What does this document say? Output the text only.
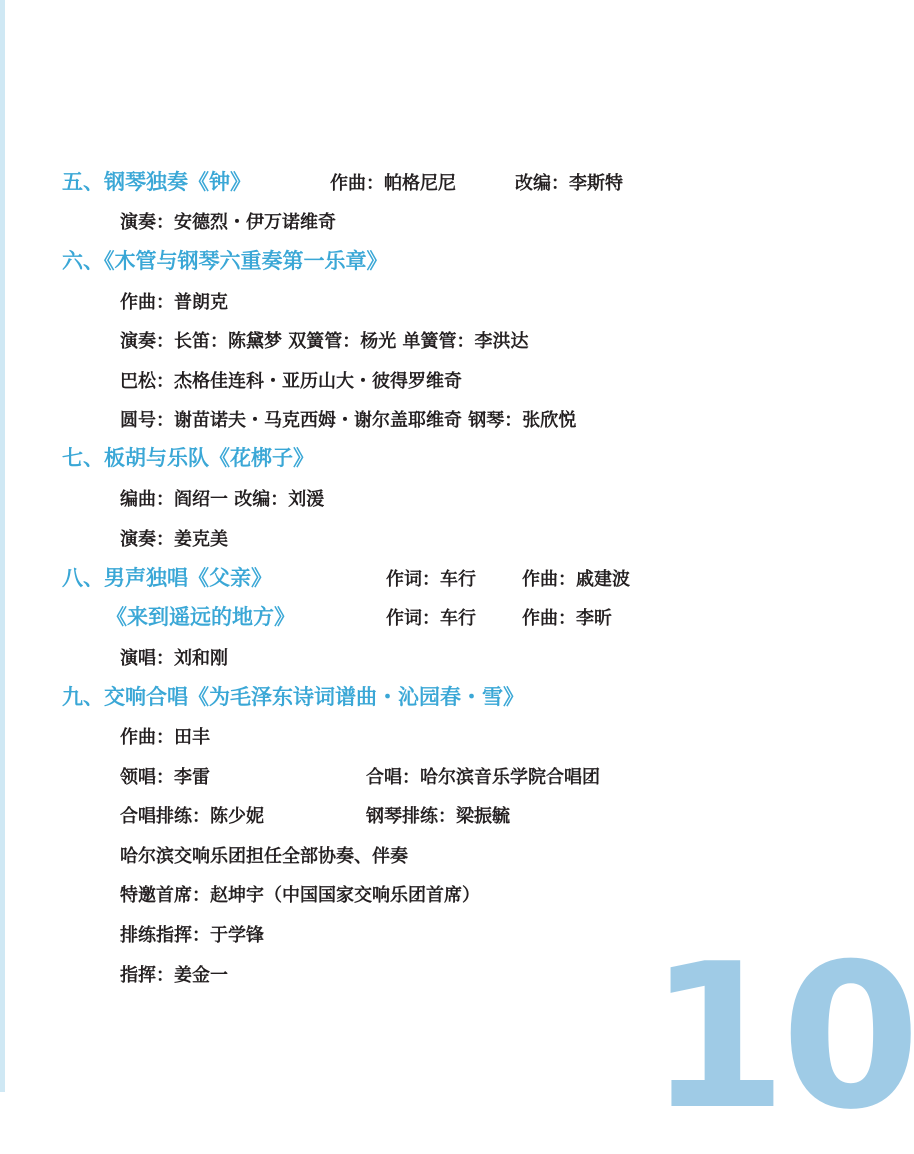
五、钢琴独奏《钟》	作曲：帕格尼尼	改编：李斯特
演奏：安德烈・伊万诺维奇
六、《木管与钢琴六重奏第一乐章》
作曲：普朗克
演奏：长笛：陈黛梦 双簧管：杨光 单簧管：李洪达
巴松：杰格佳连科・亚历山大・彼得罗维奇
圆号：谢苗诺夫・马克西姆・谢尔盖耶维奇 钢琴：张欣悦
七、板胡与乐队《花梆子》
编曲：阎绍一 改编：刘湲
演奏：姜克美
八、男声独唱《父亲》	作词：车行	作曲：戚建波
《来到遥远的地方》	作词：车行	作曲：李昕
演唱：刘和刚
九、交响合唱《为毛泽东诗词谱曲・沁园春・雪》
作曲：田丰
领唱：李雷	合唱：哈尔滨音乐学院合唱团
合唱排练：陈少妮	钢琴排练：梁振毓
哈尔滨交响乐团担任全部协奏、伴奏
特邀首席：赵坤宇（中国国家交响乐团首席）
排练指挥：于学锋
指挥：姜金一 10
